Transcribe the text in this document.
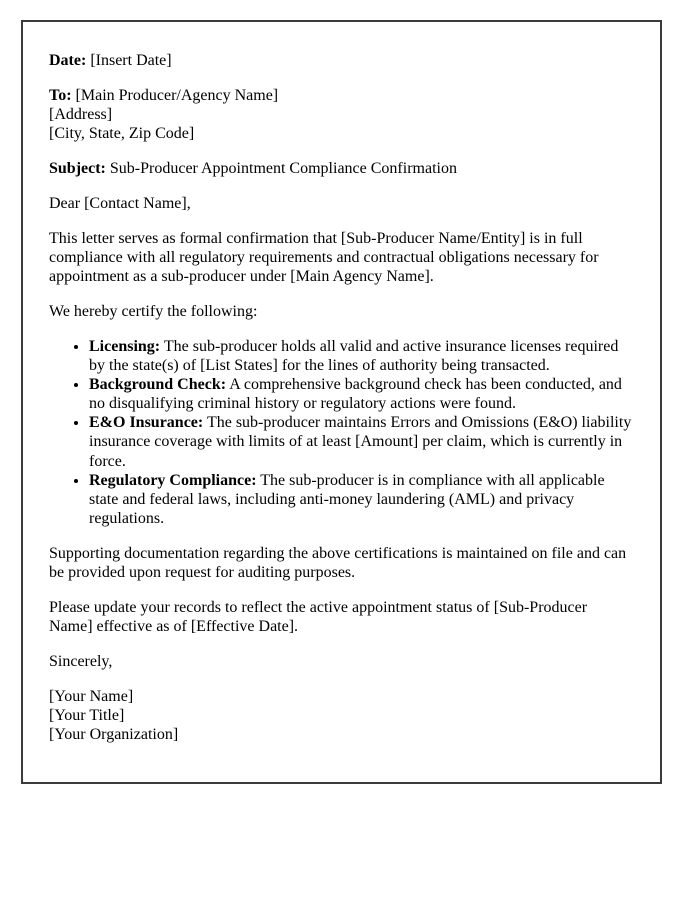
Date: [Insert Date]

To: [Main Producer/Agency Name]
[Address]
[City, State, Zip Code]

Subject: Sub-Producer Appointment Compliance Confirmation

Dear [Contact Name],

This letter serves as formal confirmation that [Sub-Producer Name/Entity] is in full compliance with all regulatory requirements and contractual obligations necessary for appointment as a sub-producer under [Main Agency Name].

We hereby certify the following:

• Licensing: The sub-producer holds all valid and active insurance licenses required by the state(s) of [List States] for the lines of authority being transacted.
• Background Check: A comprehensive background check has been conducted, and no disqualifying criminal history or regulatory actions were found.
• E&O Insurance: The sub-producer maintains Errors and Omissions (E&O) liability insurance coverage with limits of at least [Amount] per claim, which is currently in force.
• Regulatory Compliance: The sub-producer is in compliance with all applicable state and federal laws, including anti-money laundering (AML) and privacy regulations.

Supporting documentation regarding the above certifications is maintained on file and can be provided upon request for auditing purposes.

Please update your records to reflect the active appointment status of [Sub-Producer Name] effective as of [Effective Date].

Sincerely,

[Your Name]
[Your Title]
[Your Organization]
